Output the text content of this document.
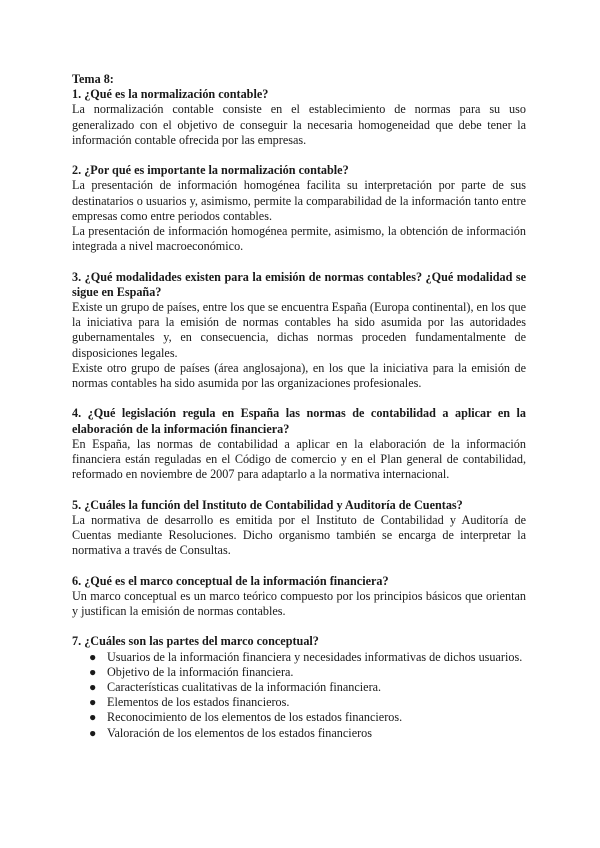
Tema 8:

1. ¿Qué es la normalización contable?

La normalización contable consiste en el establecimiento de normas para su uso generalizado con el objetivo de conseguir la necesaria homogeneidad que debe tener la información contable ofrecida por las empresas.

2. ¿Por qué es importante la normalización contable?

La presentación de información homogénea facilita su interpretación por parte de sus destinatarios o usuarios y, asimismo, permite la comparabilidad de la información tanto entre empresas como entre periodos contables.

La presentación de información homogénea permite, asimismo, la obtención de información integrada a nivel macroeconómico.

3. ¿Qué modalidades existen para la emisión de normas contables? ¿Qué modalidad se sigue en España?

Existe un grupo de países, entre los que se encuentra España (Europa continental), en los que la iniciativa para la emisión de normas contables ha sido asumida por las autoridades gubernamentales y, en consecuencia, dichas normas proceden fundamentalmente de disposiciones legales.

Existe otro grupo de países (área anglosajona), en los que la iniciativa para la emisión de normas contables ha sido asumida por las organizaciones profesionales.

4. ¿Qué legislación regula en España las normas de contabilidad a aplicar en la elaboración de la información financiera?

En España, las normas de contabilidad a aplicar en la elaboración de la información financiera están reguladas en el Código de comercio y en el Plan general de contabilidad, reformado en noviembre de 2007 para adaptarlo a la normativa internacional.

5. ¿Cuáles la función del Instituto de Contabilidad y Auditoría de Cuentas?

La normativa de desarrollo es emitida por el Instituto de Contabilidad y Auditoría de Cuentas mediante Resoluciones. Dicho organismo también se encarga de interpretar la normativa a través de Consultas.

6. ¿Qué es el marco conceptual de la información financiera?

Un marco conceptual es un marco teórico compuesto por los principios básicos que orientan y justifican la emisión de normas contables.

7. ¿Cuáles son las partes del marco conceptual?

● Usuarios de la información financiera y necesidades informativas de dichos usuarios.
● Objetivo de la información financiera.
● Características cualitativas de la información financiera.
● Elementos de los estados financieros.
● Reconocimiento de los elementos de los estados financieros.
● Valoración de los elementos de los estados financieros
